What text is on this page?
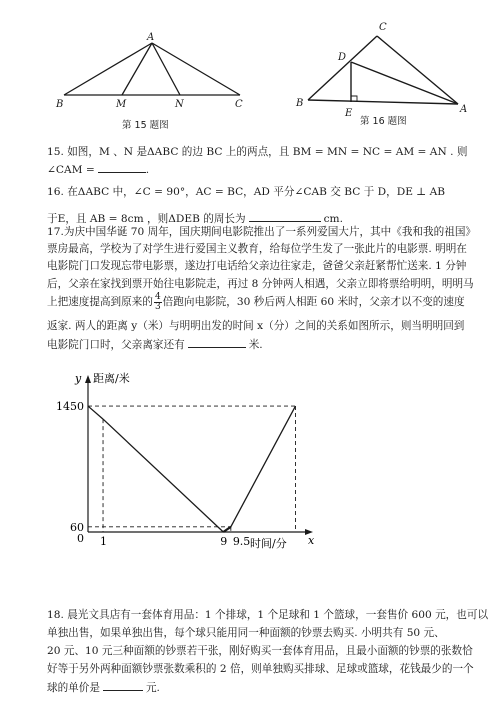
A
B	M	N	C
第 15 题图
C
D
B
E	A
第 16 题图
15. 如图，M 、N 是ΔABC 的边 BC 上的两点，且 BM = MN = NC = AM = AN . 则
∠CAM =	.
16. 在ΔABC 中，∠C = 90°，AC = BC，AD 平分∠CAB 交 BC 于 D，DE ⊥ AB
于E，且 AB = 8cm ，则ΔDEB 的周长为	cm.
17.为庆中国华诞 70 周年，国庆期间电影院推出了一系列爱国大片，其中《我和我的祖国》
票房最高，学校为了对学生进行爱国主义教育，给每位学生发了一张此片的电影票. 明明在
电影院门口发现忘带电影票，遂边打电话给父亲边往家走，爸爸父亲赶紧帮忙送来. 1 分钟
后，父亲在家找到票开始往电影院走，再过 8 分钟两人相遇，父亲立即将票给明明，明明马
上把速度提高到原来的 $\frac{4}{3}$ 倍跑向电影院，30 秒后两人相距 60 米时，父亲才以不变的速度
返家. 两人的距离 y（米）与明明出发的时间 x（分）之间的关系如图所示，则当明明回到
电影院门口时，父亲离家还有	米.
y 距离/米
x
时间/分
0 1	9 9.5
60
1450
18. 晨光文具店有一套体育用品：1 个排球，1 个足球和 1 个篮球，一套售价 600 元，也可以
单独出售，如果单独出售，每个球只能用同一种面额的钞票去购买. 小明共有 50 元、
20 元、10 元三种面额的钞票若干张，刚好购买一套体育用品，且最小面额的钞票的张数恰
好等于另外两种面额钞票张数乘积的 2 倍，则单独购买排球、足球或篮球，花钱最少的一个
球的单价是	元.
